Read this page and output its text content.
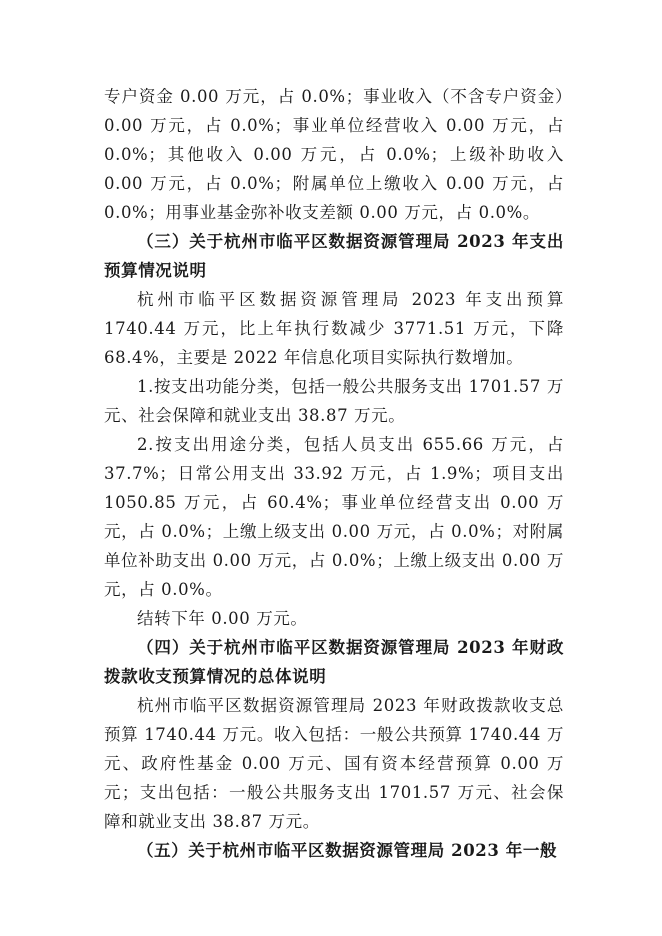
专户资金 0.00 万元，占 0.0%；事业收入（不含专户资金）0.00 万元，占 0.0%；事业单位经营收入 0.00 万元，占 0.0%；其他收入 0.00 万元，占 0.0%；上级补助收入 0.00 万元，占 0.0%；附属单位上缴收入 0.00 万元，占 0.0%；用事业基金弥补收支差额 0.00 万元，占 0.0%。

（三）关于杭州市临平区数据资源管理局 2023 年支出预算情况说明

杭州市临平区数据资源管理局 2023 年支出预算 1740.44 万元，比上年执行数减少 3771.51 万元，下降 68.4%，主要是 2022 年信息化项目实际执行数增加。

1.按支出功能分类，包括一般公共服务支出 1701.57 万元、社会保障和就业支出 38.87 万元。

2.按支出用途分类，包括人员支出 655.66 万元，占 37.7%；日常公用支出 33.92 万元，占 1.9%；项目支出 1050.85 万元，占 60.4%；事业单位经营支出 0.00 万元，占 0.0%；上缴上级支出 0.00 万元，占 0.0%；对附属单位补助支出 0.00 万元，占 0.0%；上缴上级支出 0.00 万元，占 0.0%。

结转下年 0.00 万元。

（四）关于杭州市临平区数据资源管理局 2023 年财政拨款收支预算情况的总体说明

杭州市临平区数据资源管理局 2023 年财政拨款收支总预算 1740.44 万元。收入包括：一般公共预算 1740.44 万元、政府性基金 0.00 万元、国有资本经营预算 0.00 万元；支出包括：一般公共服务支出 1701.57 万元、社会保障和就业支出 38.87 万元。

（五）关于杭州市临平区数据资源管理局 2023 年一般
